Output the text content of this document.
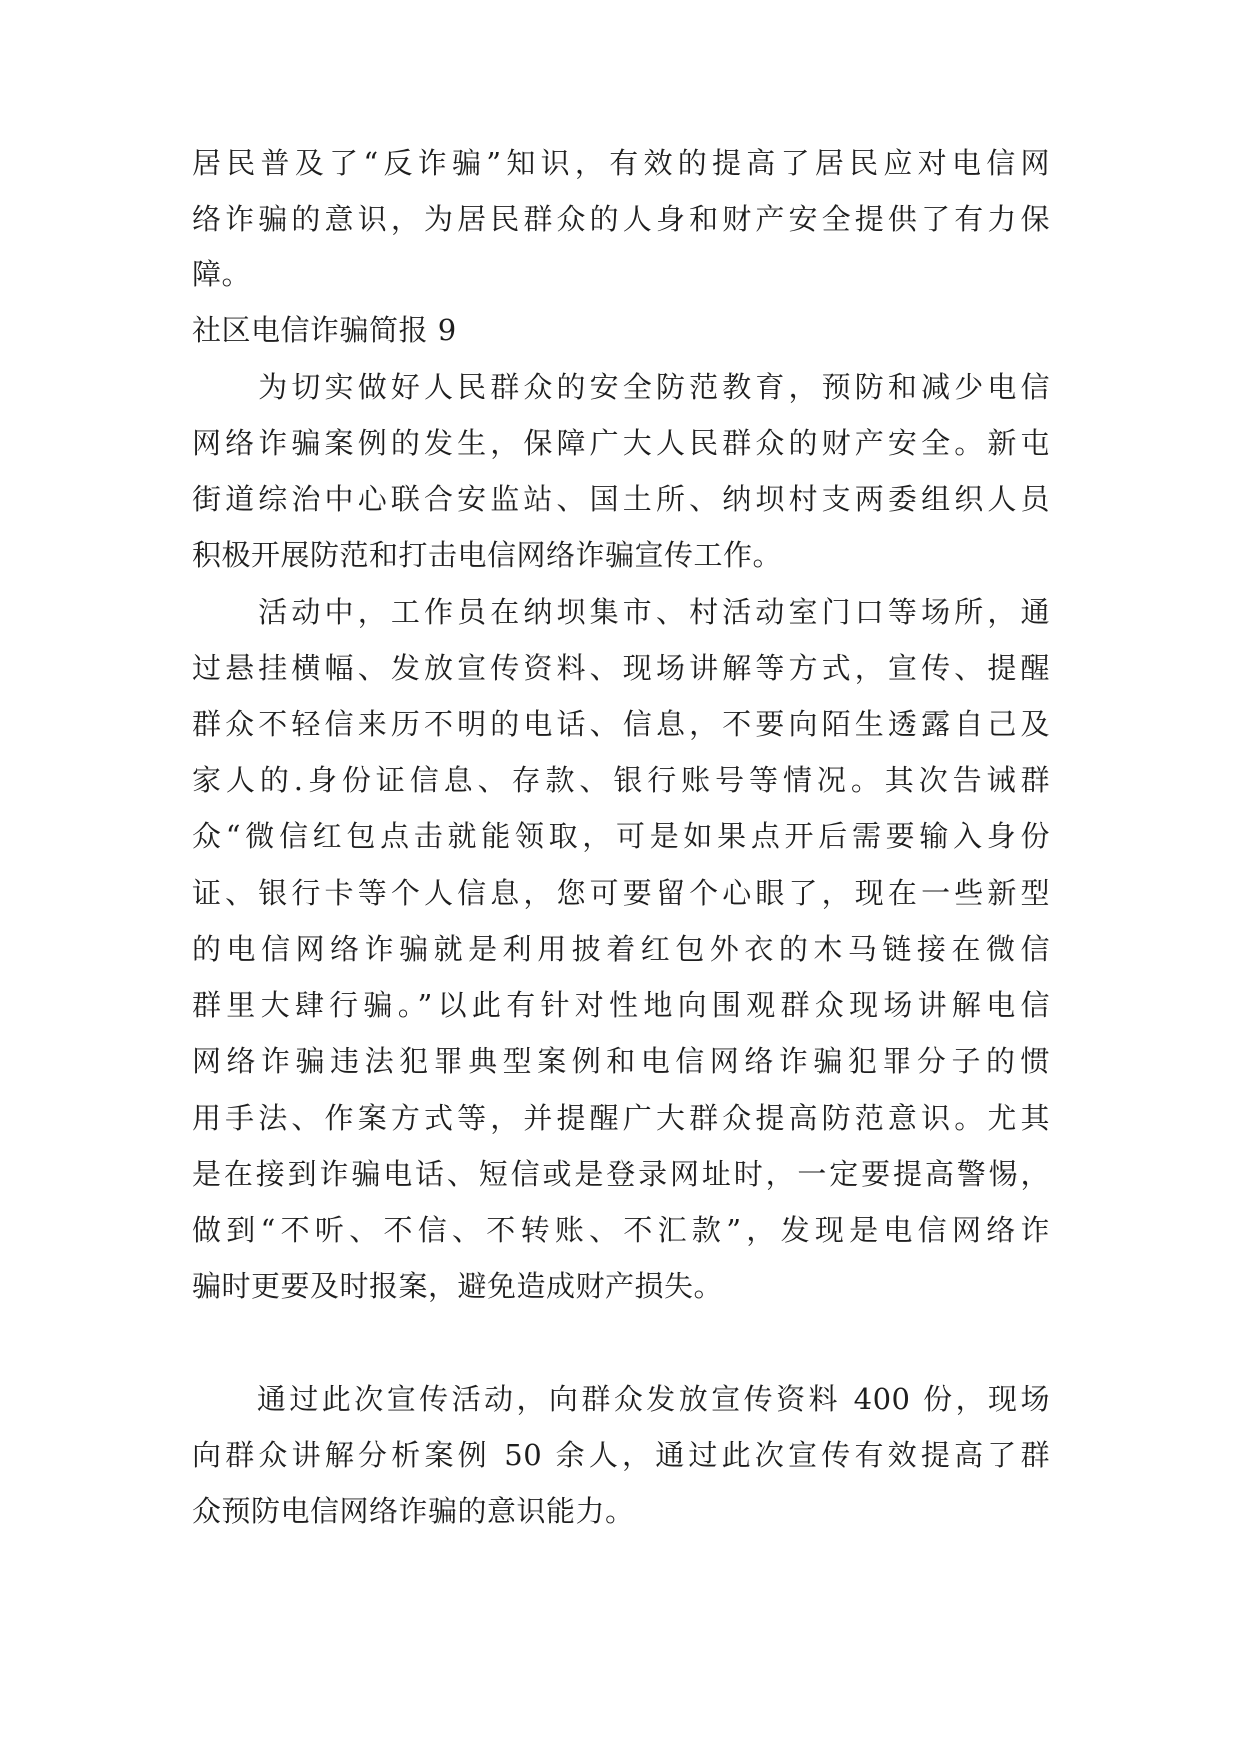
居民普及了“反诈骗”知识，有效的提高了居民应对电信网
络诈骗的意识，为居民群众的人身和财产安全提供了有力保
障。
社区电信诈骗简报 9
　　为切实做好人民群众的安全防范教育，预防和减少电信
网络诈骗案例的发生，保障广大人民群众的财产安全。新屯
街道综治中心联合安监站、国土所、纳坝村支两委组织人员
积极开展防范和打击电信网络诈骗宣传工作。
　　活动中，工作员在纳坝集市、村活动室门口等场所，通
过悬挂横幅、发放宣传资料、现场讲解等方式，宣传、提醒
群众不轻信来历不明的电话、信息，不要向陌生透露自己及
家人的.身份证信息、存款、银行账号等情况。其次告诫群
众“微信红包点击就能领取，可是如果点开后需要输入身份
证、银行卡等个人信息，您可要留个心眼了，现在一些新型
的电信网络诈骗就是利用披着红包外衣的木马链接在微信
群里大肆行骗。”以此有针对性地向围观群众现场讲解电信
网络诈骗违法犯罪典型案例和电信网络诈骗犯罪分子的惯
用手法、作案方式等，并提醒广大群众提高防范意识。尤其
是在接到诈骗电话、短信或是登录网址时，一定要提高警惕，
做到“不听、不信、不转账、不汇款”，发现是电信网络诈
骗时更要及时报案，避免造成财产损失。
　　通过此次宣传活动，向群众发放宣传资料 400 份，现场
向群众讲解分析案例 50 余人，通过此次宣传有效提高了群
众预防电信网络诈骗的意识能力。
